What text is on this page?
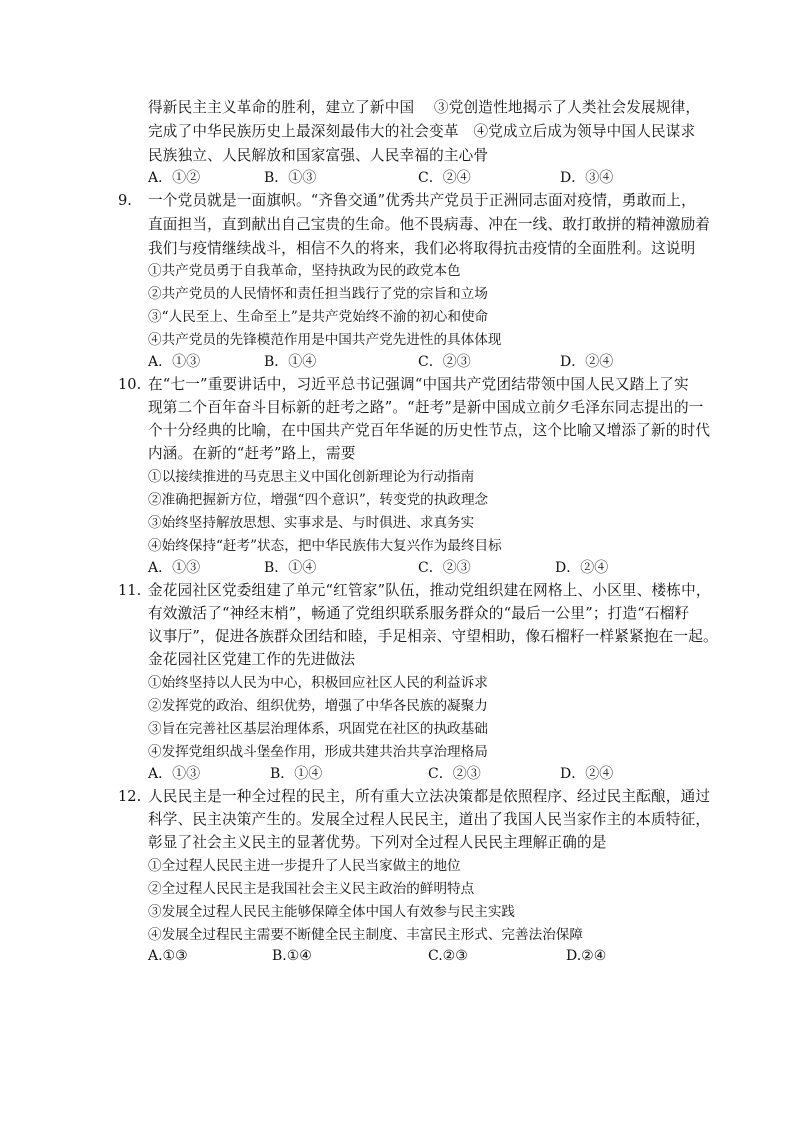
得新民主主义革命的胜利，建立了新中国　 ③党创造性地揭示了人类社会发展规律，
完成了中华民族历史上最深刻最伟大的社会变革　④党成立后成为领导中国人民谋求
民族独立、人民解放和国家富强、人民幸福的主心骨
A．①②	B．①③	C．②④	D．③④
9. 一个党员就是一面旗帜。“齐鲁交通”优秀共产党员于正洲同志面对疫情，勇敢而上，
直面担当，直到献出自己宝贵的生命。他不畏病毒、冲在一线、敢打敢拼的精神激励着
我们与疫情继续战斗，相信不久的将来，我们必将取得抗击疫情的全面胜利。这说明
①共产党员勇于自我革命，坚持执政为民的政党本色
②共产党员的人民情怀和责任担当践行了党的宗旨和立场
③“人民至上、生命至上”是共产党始终不渝的初心和使命
④共产党员的先锋模范作用是中国共产党先进性的具体体现
A．①③	B．①④	C．②③	D．②④
10. 在“七一”重要讲话中，习近平总书记强调“中国共产党团结带领中国人民又踏上了实
现第二个百年奋斗目标新的赶考之路”。“赶考”是新中国成立前夕毛泽东同志提出的一
个十分经典的比喻，在中国共产党百年华诞的历史性节点，这个比喻又增添了新的时代
内涵。在新的“赶考”路上，需要
①以接续推进的马克思主义中国化创新理论为行动指南
②准确把握新方位，增强“四个意识”，转变党的执政理念
③始终坚持解放思想、实事求是、与时俱进、求真务实
④始终保持“赶考”状态，把中华民族伟大复兴作为最终目标
A．①③	B．①④	C．②③	D．②④
11. 金花园社区党委组建了单元“红管家”队伍，推动党组织建在网格上、小区里、楼栋中，
有效激活了“神经末梢”，畅通了党组织联系服务群众的“最后一公里”；打造“石榴籽
议事厅”，促进各族群众团结和睦，手足相亲、守望相助，像石榴籽一样紧紧抱在一起。
金花园社区党建工作的先进做法
①始终坚持以人民为中心，积极回应社区人民的利益诉求
②发挥党的政治、组织优势，增强了中华各民族的凝聚力
③旨在完善社区基层治理体系，巩固党在社区的执政基础
④发挥党组织战斗堡垒作用，形成共建共治共享治理格局
A．①③	B．①④	C．②③	D．②④
12. 人民民主是一种全过程的民主，所有重大立法决策都是依照程序、经过民主酝酿，通过
科学、民主决策产生的。发展全过程人民民主，道出了我国人民当家作主的本质特征，
彰显了社会主义民主的显著优势。下列对全过程人民民主理解正确的是
①全过程人民民主进一步提升了人民当家做主的地位
②全过程人民民主是我国社会主义民主政治的鲜明特点
③发展全过程人民民主能够保障全体中国人有效参与民主实践
④发展全过程民主需要不断健全民主制度、丰富民主形式、完善法治保障
A.①③	B.①④	C.②③	D.②④
